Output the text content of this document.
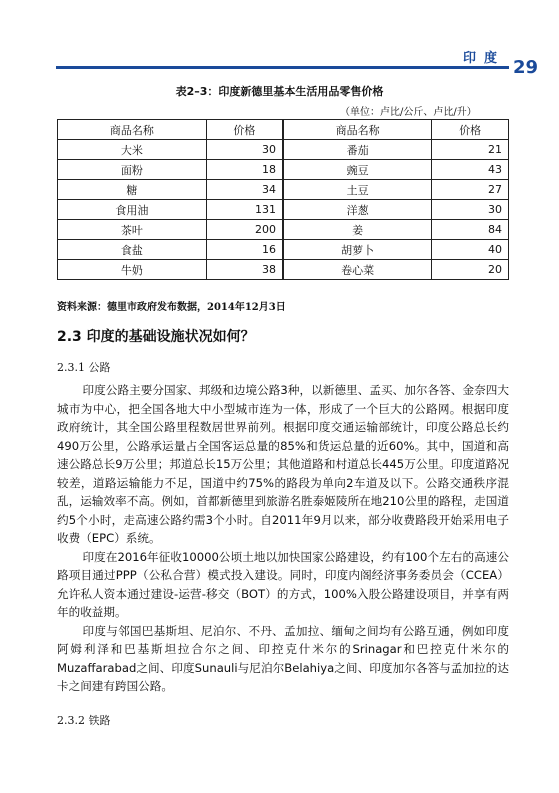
印度 29
表2–3：印度新德里基本生活用品零售价格
（单位：卢比/公斤、卢比/升）
商品名称	价格	商品名称	价格
大米	30	番茄	21
面粉	18	豌豆	43
糖	34	土豆	27
食用油	131	洋葱	30
茶叶	200	姜	84
食盐	16	胡萝卜	40
牛奶	38	卷心菜	20
资料来源：德里市政府发布数据，2014年12月3日
2.3 印度的基础设施状况如何？
2.3.1 公路

印度公路主要分国家、邦级和边境公路3种，以新德里、孟买、加尔各答、金奈四大城市为中心，把全国各地大中小型城市连为一体，形成了一个巨大的公路网。根据印度政府统计，其全国公路里程数居世界前列。根据印度交通运输部统计，印度公路总长约490万公里，公路承运量占全国客运总量的85%和货运总量的近60%。其中，国道和高速公路总长9万公里；邦道总长15万公里；其他道路和村道总长445万公里。印度道路况较差，道路运输能力不足，国道中约75%的路段为单向2车道及以下。公路交通秩序混乱，运输效率不高。例如，首都新德里到旅游名胜泰姬陵所在地210公里的路程，走国道约5个小时，走高速公路约需3个小时。自2011年9月以来，部分收费路段开始采用电子收费（EPC）系统。

印度在2016年征收10000公顷土地以加快国家公路建设，约有100个左右的高速公路项目通过PPP（公私合营）模式投入建设。同时，印度内阁经济事务委员会（CCEA）允许私人资本通过建设-运营-移交（BOT）的方式，100%入股公路建设项目，并享有两年的收益期。

印度与邻国巴基斯坦、尼泊尔、不丹、孟加拉、缅甸之间均有公路互通，例如印度阿姆利泽和巴基斯坦拉合尔之间、印控克什米尔的Srinagar和巴控克什米尔的Muzaffarabad之间、印度Sunauli与尼泊尔Belahiya之间、印度加尔各答与孟加拉的达卡之间建有跨国公路。

2.3.2 铁路
